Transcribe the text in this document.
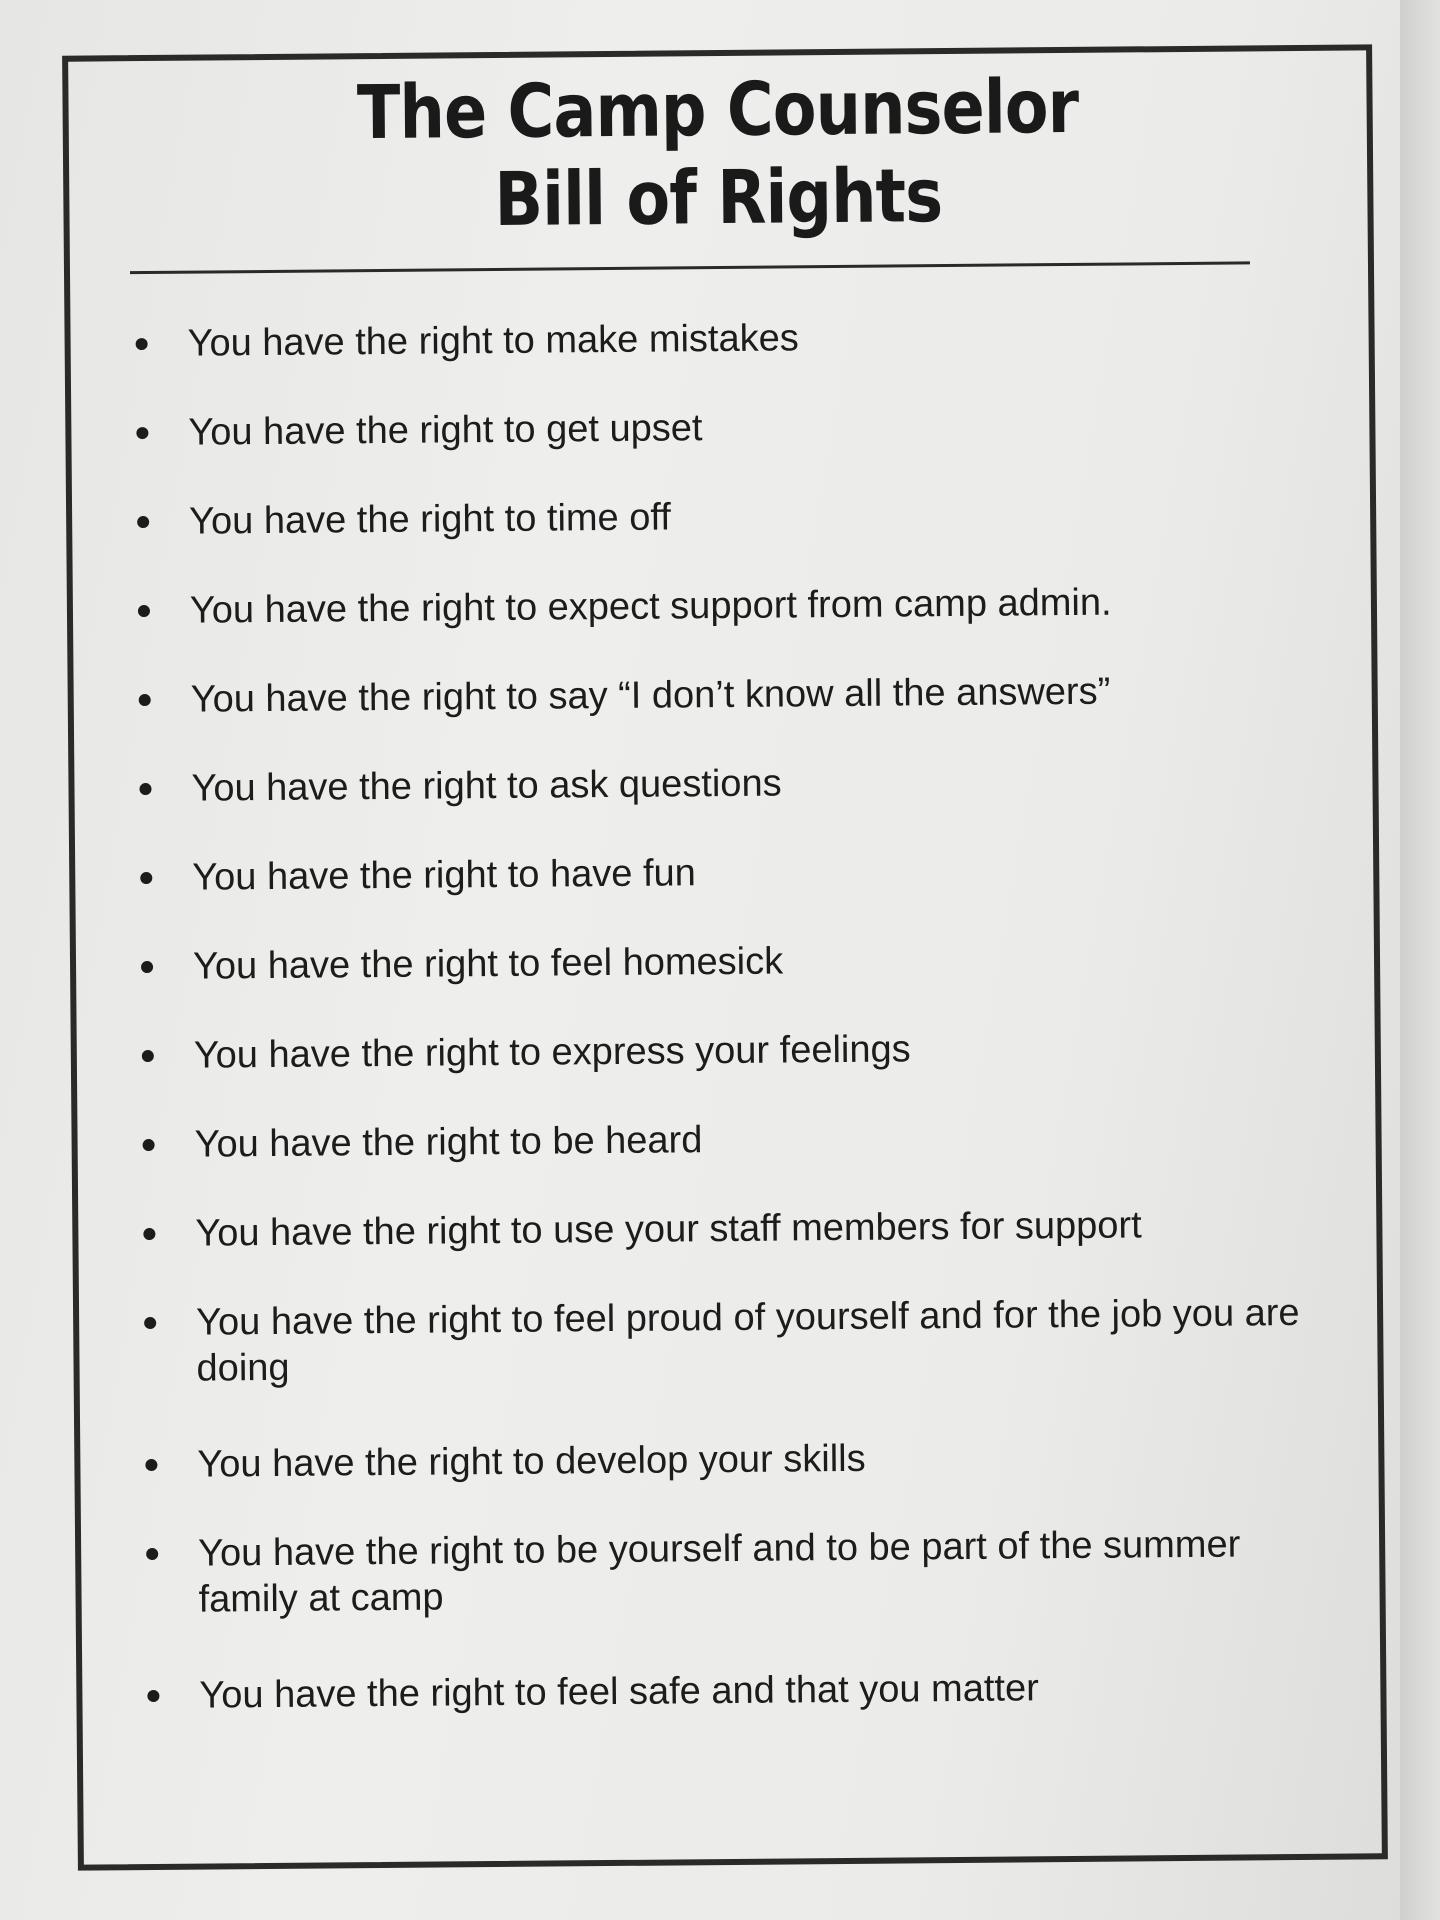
The Camp Counselor
Bill of Rights
You have the right to make mistakes
You have the right to get upset
You have the right to time off
You have the right to expect support from camp admin.
You have the right to say “I don’t know all the answers”
You have the right to ask questions
You have the right to have fun
You have the right to feel homesick
You have the right to express your feelings
You have the right to be heard
You have the right to use your staff members for support
You have the right to feel proud of yourself and for the job you are doing
You have the right to develop your skills
You have the right to be yourself and to be part of the summer family at camp
You have the right to feel safe and that you matter
